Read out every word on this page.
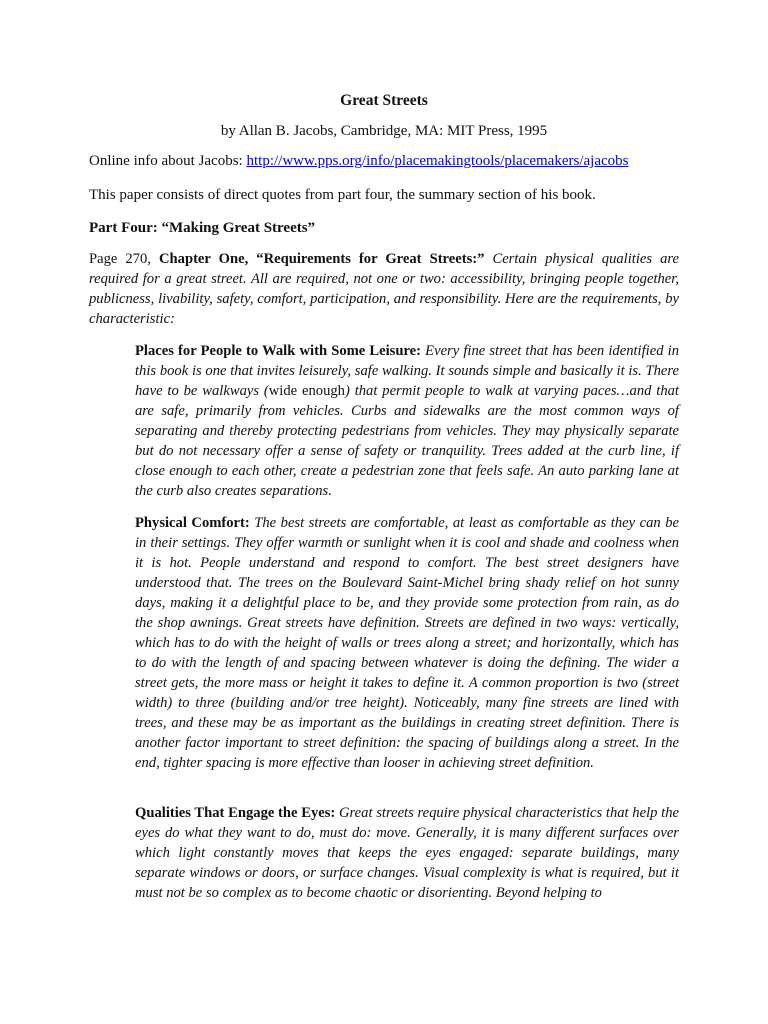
Great Streets
by Allan B. Jacobs, Cambridge, MA: MIT Press, 1995
Online info about Jacobs: http://www.pps.org/info/placemakingtools/placemakers/ajacobs
This paper consists of direct quotes from part four, the summary section of his book.
Part Four: “Making Great Streets”

Page 270, Chapter One, “Requirements for Great Streets:” Certain physical qualities are required for a great street. All are required, not one or two: accessibility, bringing people together, publicness, livability, safety, comfort, participation, and responsibility. Here are the requirements, by characteristic:

Places for People to Walk with Some Leisure: Every fine street that has been identified in this book is one that invites leisurely, safe walking. It sounds simple and basically it is. There have to be walkways (wide enough) that permit people to walk at varying paces…and that are safe, primarily from vehicles. Curbs and sidewalks are the most common ways of separating and thereby protecting pedestrians from vehicles. They may physically separate but do not necessary offer a sense of safety or tranquility. Trees added at the curb line, if close enough to each other, create a pedestrian zone that feels safe. An auto parking lane at the curb also creates separations.

Physical Comfort: The best streets are comfortable, at least as comfortable as they can be in their settings. They offer warmth or sunlight when it is cool and shade and coolness when it is hot. People understand and respond to comfort. The best street designers have understood that. The trees on the Boulevard Saint-Michel bring shady relief on hot sunny days, making it a delightful place to be, and they provide some protection from rain, as do the shop awnings. Great streets have definition. Streets are defined in two ways: vertically, which has to do with the height of walls or trees along a street; and horizontally, which has to do with the length of and spacing between whatever is doing the defining. The wider a street gets, the more mass or height it takes to define it. A common proportion is two (street width) to three (building and/or tree height). Noticeably, many fine streets are lined with trees, and these may be as important as the buildings in creating street definition. There is another factor important to street definition: the spacing of buildings along a street. In the end, tighter spacing is more effective than looser in achieving street definition.

Qualities That Engage the Eyes: Great streets require physical characteristics that help the eyes do what they want to do, must do: move. Generally, it is many different surfaces over which light constantly moves that keeps the eyes engaged: separate buildings, many separate windows or doors, or surface changes. Visual complexity is what is required, but it must not be so complex as to become chaotic or disorienting. Beyond helping to
